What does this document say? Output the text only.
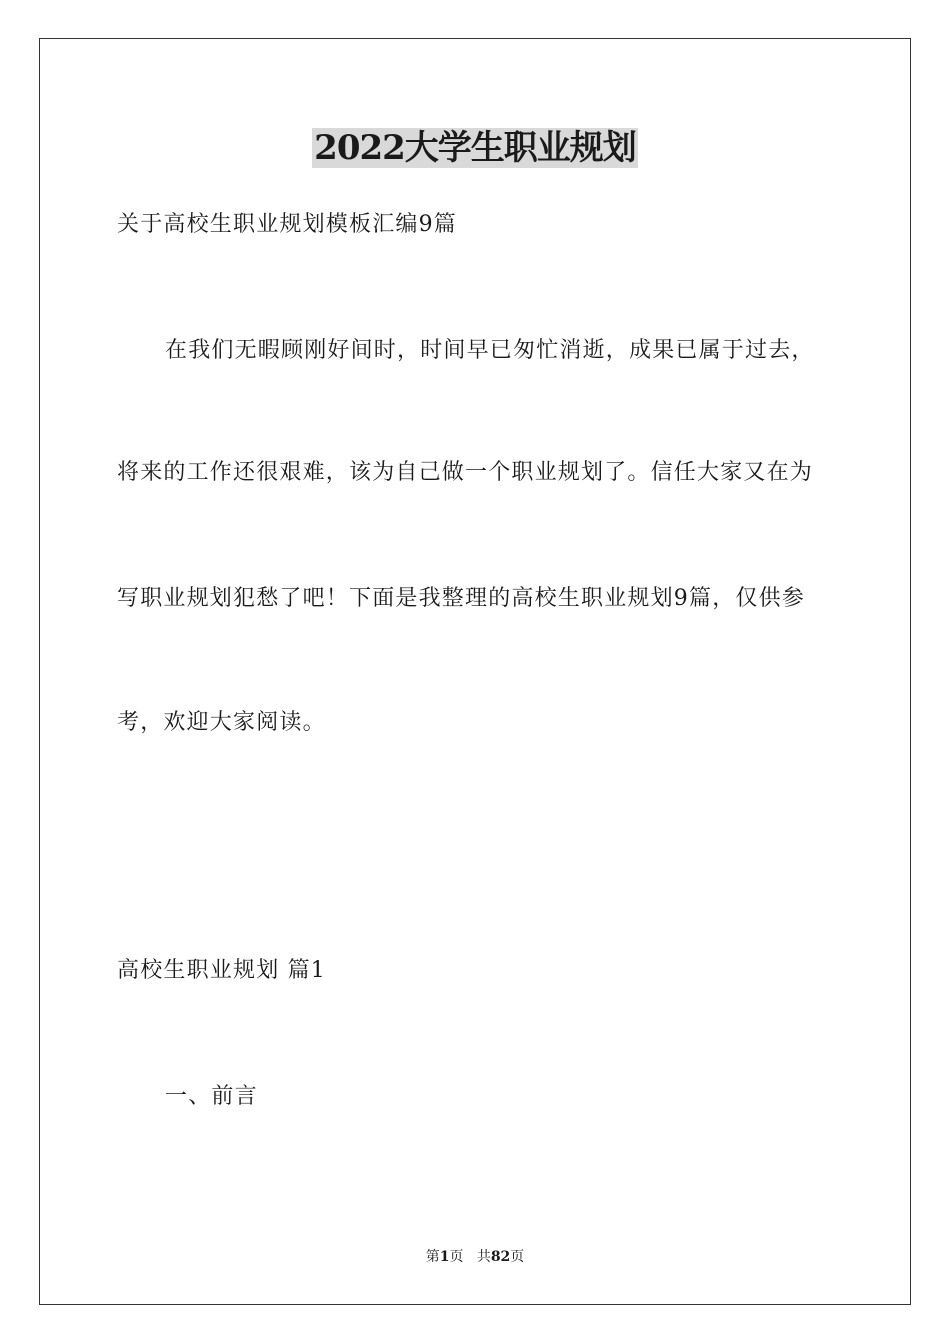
2022大学生职业规划
关于高校生职业规划模板汇编9篇
在我们无暇顾刚好间时，时间早已匆忙消逝，成果已属于过去，
将来的工作还很艰难，该为自己做一个职业规划了。信任大家又在为
写职业规划犯愁了吧！下面是我整理的高校生职业规划9篇，仅供参
考，欢迎大家阅读。
高校生职业规划 篇1
一、前言
第1页 共82页
